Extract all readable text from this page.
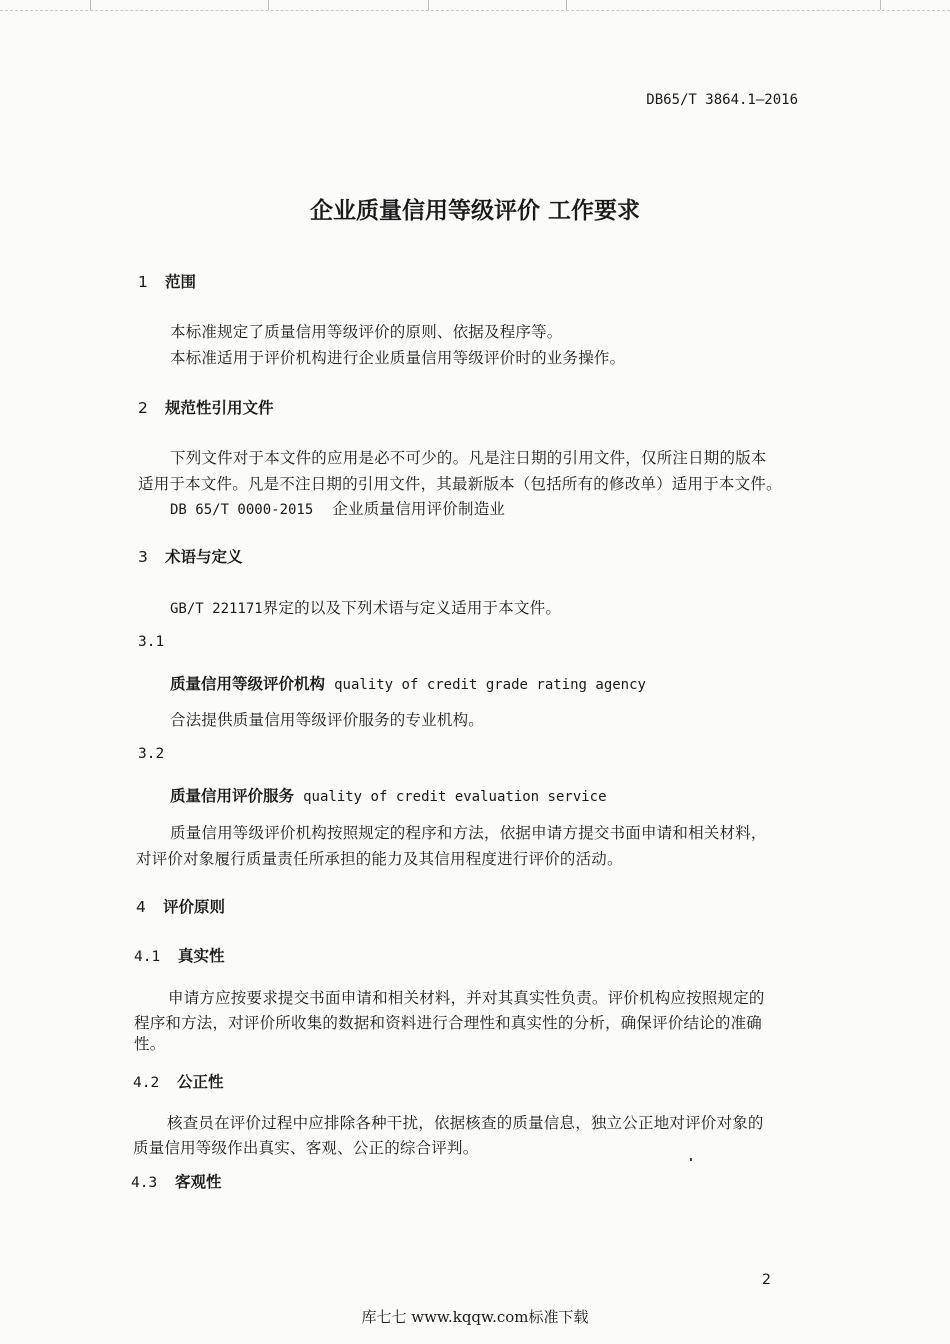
DB65/T 3864.1—2016
企业质量信用等级评价 工作要求
1 范围
本标准规定了质量信用等级评价的原则、依据及程序等。
本标准适用于评价机构进行企业质量信用等级评价时的业务操作。
2 规范性引用文件
下列文件对于本文件的应用是必不可少的。凡是注日期的引用文件，仅所注日期的版本
适用于本文件。凡是不注日期的引用文件，其最新版本（包括所有的修改单）适用于本文件。
DB 65/T 0000-2015 企业质量信用评价制造业
3 术语与定义
GB/T 221171界定的以及下列术语与定义适用于本文件。
3.1
质量信用等级评价机构 quality of credit grade rating agency
合法提供质量信用等级评价服务的专业机构。
3.2
质量信用评价服务 quality of credit evaluation service
质量信用等级评价机构按照规定的程序和方法，依据申请方提交书面申请和相关材料，
对评价对象履行质量责任所承担的能力及其信用程度进行评价的活动。
4 评价原则
4.1 真实性
申请方应按要求提交书面申请和相关材料，并对其真实性负责。评价机构应按照规定的
程序和方法，对评价所收集的数据和资料进行合理性和真实性的分析，确保评价结论的准确
性。
4.2 公正性
核查员在评价过程中应排除各种干扰，依据核查的质量信息，独立公正地对评价对象的
质量信用等级作出真实、客观、公正的综合评判。
4.3 客观性
2
库七七 www.kqqw.com标准下载
